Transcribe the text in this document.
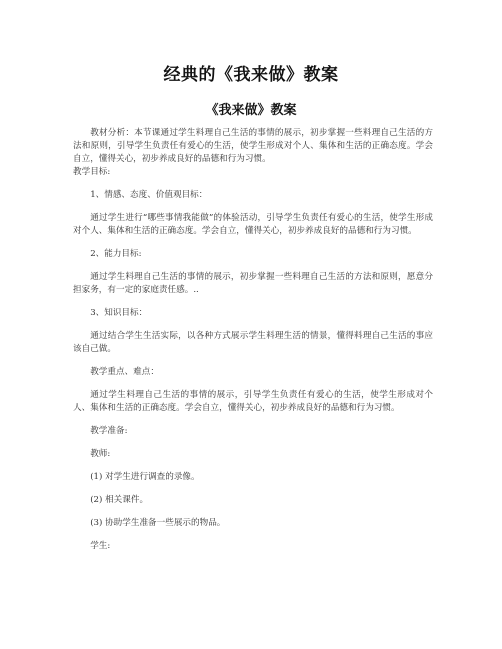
经典的《我来做》教案
《我来做》教案

教材分析：本节课通过学生料理自己生活的事情的展示，初步掌握一些料理自己生活的方法和原则，引导学生负责任有爱心的生活，使学生形成对个人、集体和生活的正确态度。学会自立，懂得关心，初步养成良好的品德和行为习惯。

教学目标:

1、情感、态度、价值观目标：

通过学生进行“哪些事情我能做”的体验活动，引导学生负责任有爱心的生活，使学生形成对个人、集体和生活的正确态度。学会自立，懂得关心，初步养成良好的品德和行为习惯。

2、能力目标:

通过学生料理自己生活的事情的展示，初步掌握一些料理自己生活的方法和原则，愿意分担家务，有一定的家庭责任感。..

3、知识目标：

通过结合学生生活实际，以各种方式展示学生料理生活的情景，懂得料理自己生活的事应该自己做。

教学重点、难点：

通过学生料理自己生活的事情的展示，引导学生负责任有爱心的生活，使学生形成对个人、集体和生活的正确态度。学会自立，懂得关心，初步养成良好的品德和行为习惯。

教学准备:

教师:

(1) 对学生进行调查的录像。

(2) 相关课件。

(3) 协助学生准备一些展示的物品。

学生:
